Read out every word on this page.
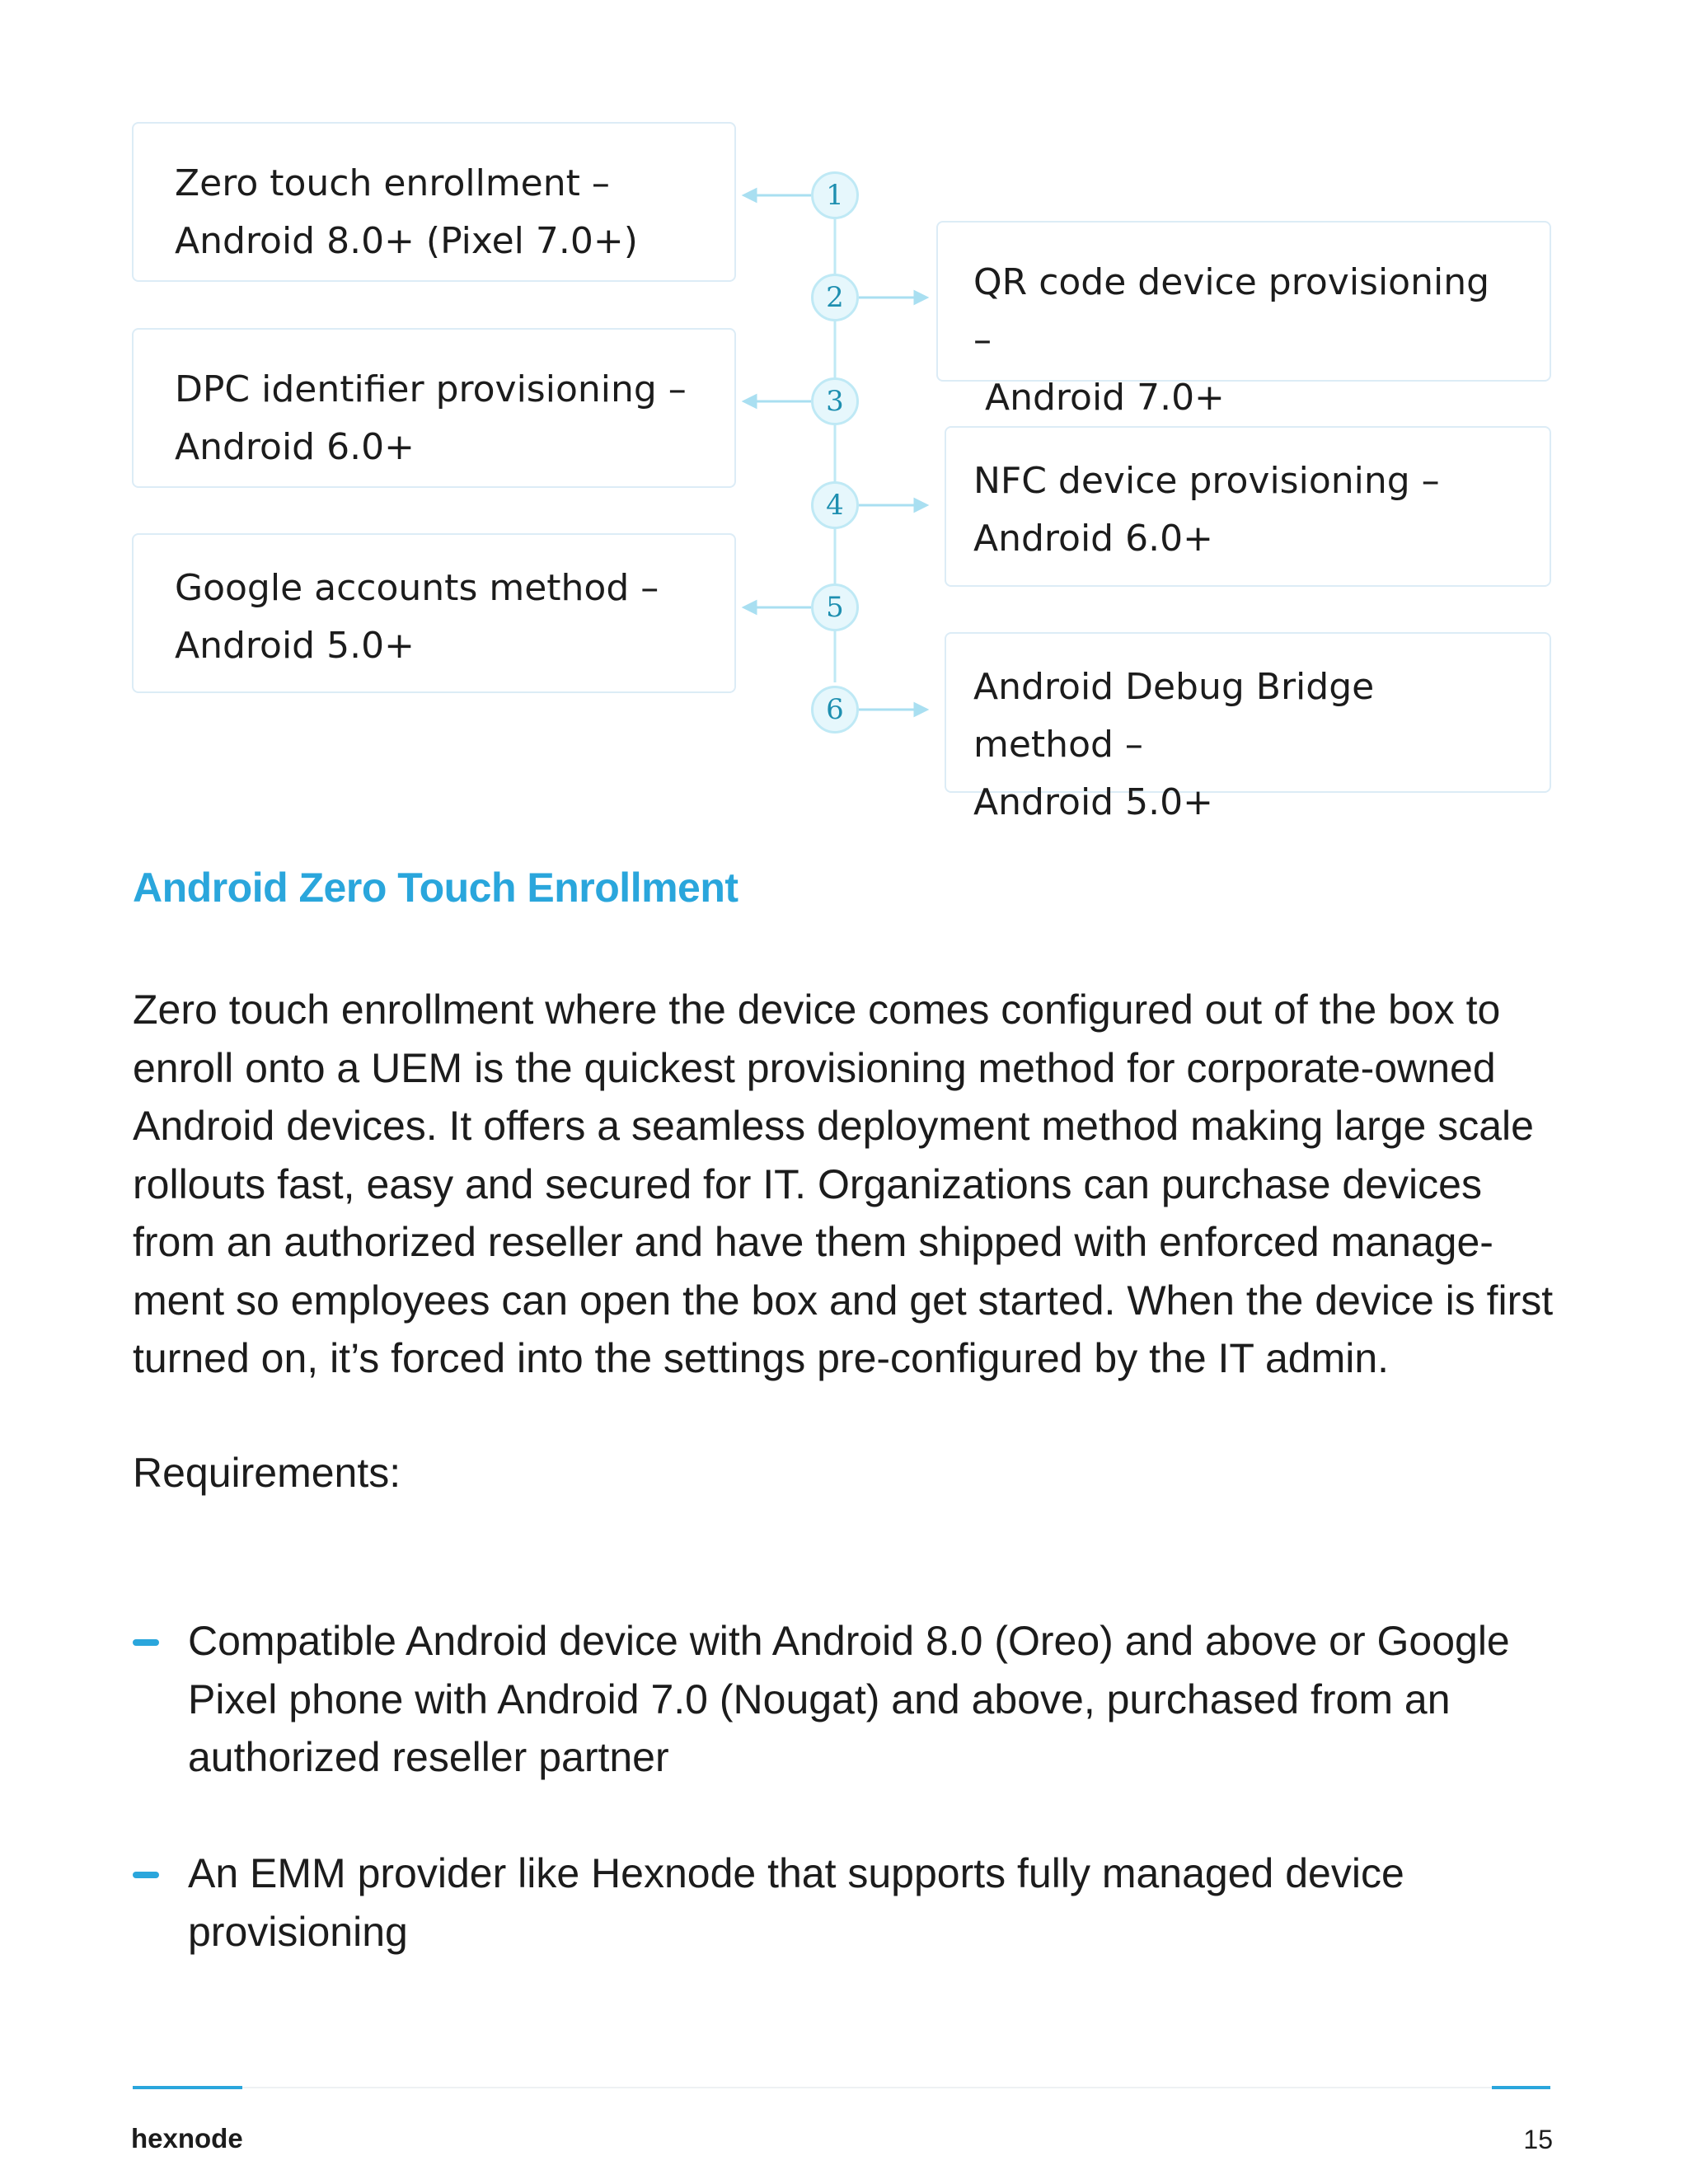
Zero touch enrollment –
Android 8.0+ (Pixel 7.0+)
DPC identifier provisioning –
Android 6.0+
Google accounts method –
Android 5.0+
QR code device provisioning –
Android 7.0+
NFC device provisioning –
Android 6.0+
Android Debug Bridge method –
Android 5.0+
1
2
3
4
5
6
Android Zero Touch Enrollment

Zero touch enrollment where the device comes configured out of the box to enroll onto a UEM is the quickest provisioning method for corporate-owned Android devices. It offers a seamless deployment method making large scale rollouts fast, easy and secured for IT. Organizations can purchase devices from an authorized reseller and have them shipped with enforced manage-ment so employees can open the box and get started. When the device is first turned on, it’s forced into the settings pre-configured by the IT admin.

Requirements:

Compatible Android device with Android 8.0 (Oreo) and above or Google Pixel phone with Android 7.0 (Nougat) and above, purchased from an authorized reseller partner
An EMM provider like Hexnode that supports fully managed device provisioning
hexnode	15
